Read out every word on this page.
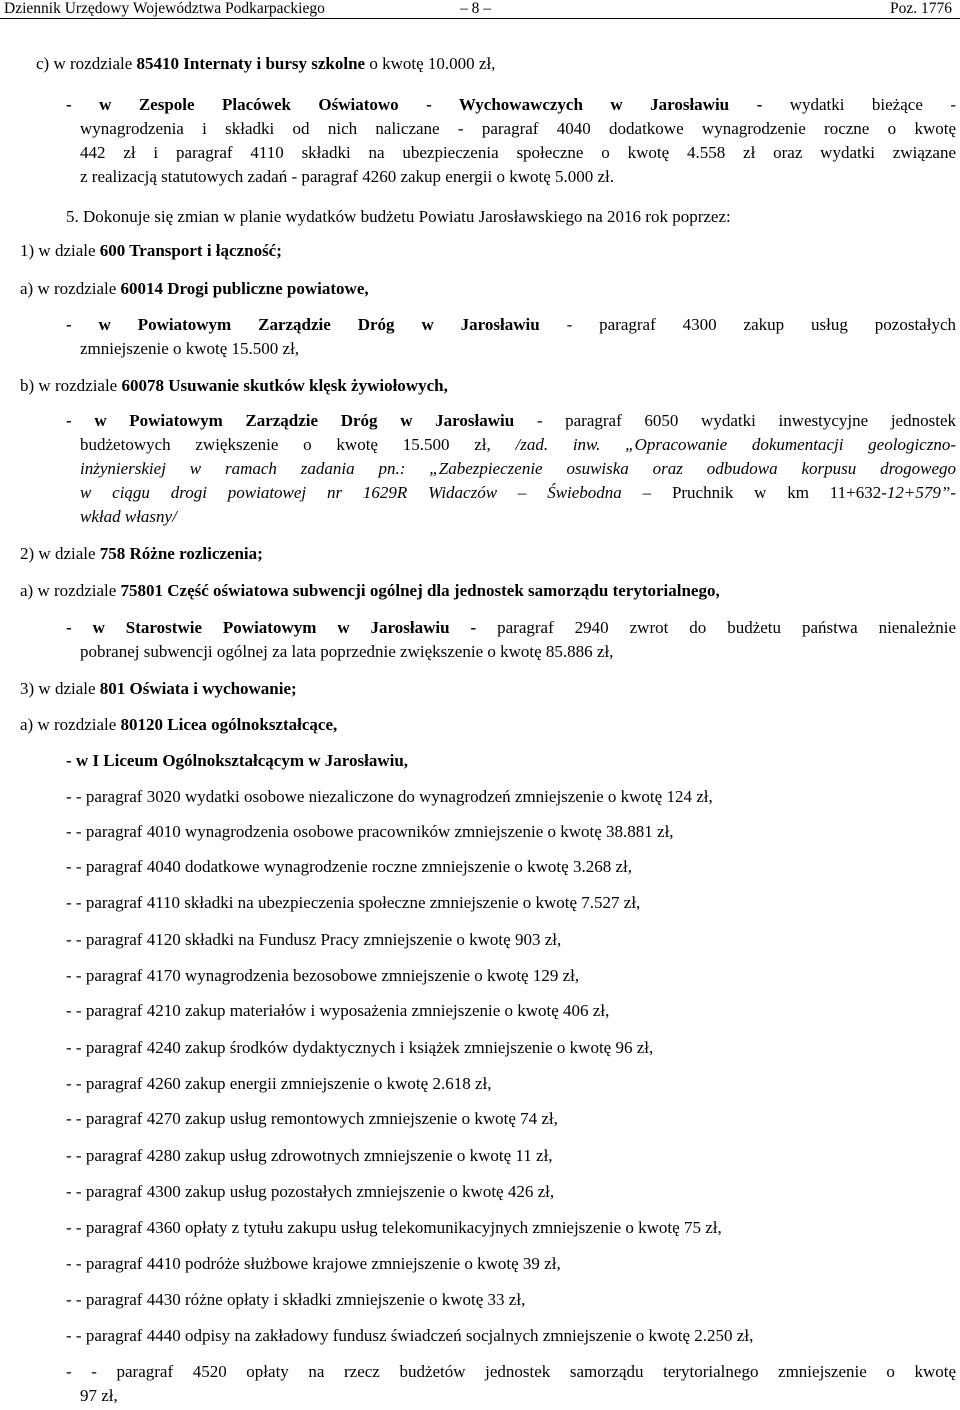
Dziennik Urzędowy Województwa Podkarpackiego	– 8 –	Poz. 1776
c) w rozdziale 85410 Internaty i bursy szkolne o kwotę 10.000 zł,
- w Zespole Placówek Oświatowo - Wychowawczych w Jarosławiu - wydatki bieżące -
wynagrodzenia i składki od nich naliczane - paragraf 4040 dodatkowe wynagrodzenie roczne o kwotę
442 zł i paragraf 4110 składki na ubezpieczenia społeczne o kwotę 4.558 zł oraz wydatki związane
z realizacją statutowych zadań - paragraf 4260 zakup energii o kwotę 5.000 zł.
5. Dokonuje się zmian w planie wydatków budżetu Powiatu Jarosławskiego na 2016 rok poprzez:
1) w dziale 600 Transport i łączność;
a) w rozdziale 60014 Drogi publiczne powiatowe,
- w Powiatowym Zarządzie Dróg w Jarosławiu - paragraf 4300 zakup usług pozostałych
zmniejszenie o kwotę 15.500 zł,
b) w rozdziale 60078 Usuwanie skutków klęsk żywiołowych,
- w Powiatowym Zarządzie Dróg w Jarosławiu - paragraf 6050 wydatki inwestycyjne jednostek
budżetowych zwiększenie o kwotę 15.500 zł, /zad. inw. „Opracowanie dokumentacji geologiczno-
inżynierskiej w ramach zadania pn.: „Zabezpieczenie osuwiska oraz odbudowa korpusu drogowego
w ciągu drogi powiatowej nr 1629R Widaczów – Świebodna – Pruchnik w km 11+632-12+579”-
wkład własny/
2) w dziale 758 Różne rozliczenia;
a) w rozdziale 75801 Część oświatowa subwencji ogólnej dla jednostek samorządu terytorialnego,
- w Starostwie Powiatowym w Jarosławiu - paragraf 2940 zwrot do budżetu państwa nienależnie
pobranej subwencji ogólnej za lata poprzednie zwiększenie o kwotę 85.886 zł,
3) w dziale 801 Oświata i wychowanie;
a) w rozdziale 80120 Licea ogólnokształcące,
- w I Liceum Ogólnokształcącym w Jarosławiu,
- - paragraf 3020 wydatki osobowe niezaliczone do wynagrodzeń zmniejszenie o kwotę 124 zł,
- - paragraf 4010 wynagrodzenia osobowe pracowników zmniejszenie o kwotę 38.881 zł,
- - paragraf 4040 dodatkowe wynagrodzenie roczne zmniejszenie o kwotę 3.268 zł,
- - paragraf 4110 składki na ubezpieczenia społeczne zmniejszenie o kwotę 7.527 zł,
- - paragraf 4120 składki na Fundusz Pracy zmniejszenie o kwotę 903 zł,
- - paragraf 4170 wynagrodzenia bezosobowe zmniejszenie o kwotę 129 zł,
- - paragraf 4210 zakup materiałów i wyposażenia zmniejszenie o kwotę 406 zł,
- - paragraf 4240 zakup środków dydaktycznych i książek zmniejszenie o kwotę 96 zł,
- - paragraf 4260 zakup energii zmniejszenie o kwotę 2.618 zł,
- - paragraf 4270 zakup usług remontowych zmniejszenie o kwotę 74 zł,
- - paragraf 4280 zakup usług zdrowotnych zmniejszenie o kwotę 11 zł,
- - paragraf 4300 zakup usług pozostałych zmniejszenie o kwotę 426 zł,
- - paragraf 4360 opłaty z tytułu zakupu usług telekomunikacyjnych zmniejszenie o kwotę 75 zł,
- - paragraf 4410 podróże służbowe krajowe zmniejszenie o kwotę 39 zł,
- - paragraf 4430 różne opłaty i składki zmniejszenie o kwotę 33 zł,
- - paragraf 4440 odpisy na zakładowy fundusz świadczeń socjalnych zmniejszenie o kwotę 2.250 zł,
- - paragraf 4520 opłaty na rzecz budżetów jednostek samorządu terytorialnego zmniejszenie o kwotę
97 zł,
